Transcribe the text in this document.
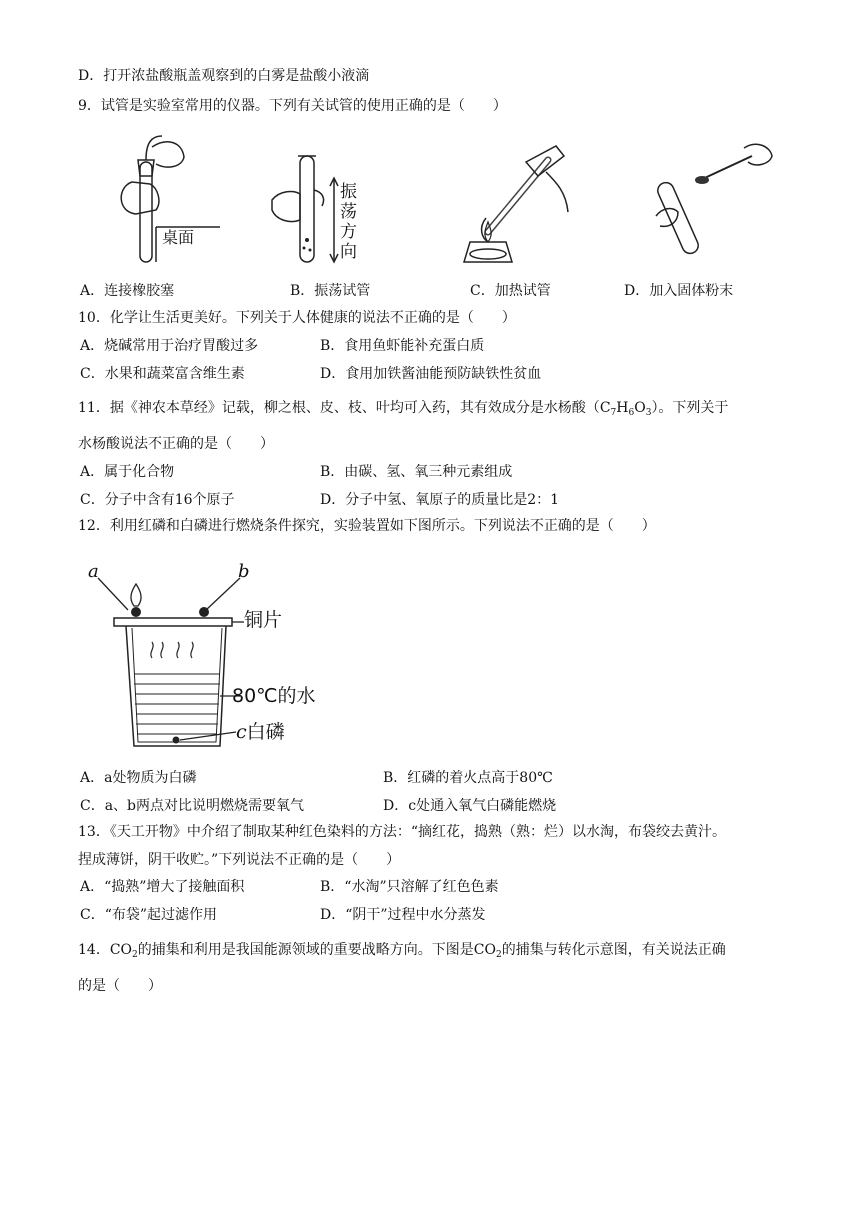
D．打开浓盐酸瓶盖观察到的白雾是盐酸小液滴
9．试管是实验室常用的仪器。下列有关试管的使用正确的是（　　）
桌面
振
荡
方
向
A．连接橡胶塞	B．振荡试管	C．加热试管	D．加入固体粉末
10．化学让生活更美好。下列关于人体健康的说法不正确的是（　　）
A．烧碱常用于治疗胃酸过多	B．食用鱼虾能补充蛋白质
C．水果和蔬菜富含维生素	D．食用加铁酱油能预防缺铁性贫血
11．据《神农本草经》记载，柳之根、皮、枝、叶均可入药，其有效成分是水杨酸$(C_7H_6O_3)$。下列关于
水杨酸说法不正确的是（　　）
A．属于化合物	B．由碳、氢、氧三种元素组成
C．分子中含有16个原子	D．分子中氢、氧原子的质量比是2：1
12．利用红磷和白磷进行燃烧条件探究，实验装置如下图所示。下列说法不正确的是（　　）
a	b
铜片
80℃的水
c白磷
A．a处物质为白磷	B．红磷的着火点高于80℃
C．a、b两点对比说明燃烧需要氧气	D．c处通入氧气白磷能燃烧
13．《天工开物》中介绍了制取某种红色染料的方法：“摘红花，捣熟（熟：烂）以水淘，布袋绞去黄汁。
捏成薄饼，阴干收贮。”下列说法不正确的是（　　）
A．“捣熟”增大了接触面积	B．“水淘”只溶解了红色色素
C．“布袋”起过滤作用	D．“阴干”过程中水分蒸发
14．$CO_2$的捕集和利用是我国能源领域的重要战略方向。下图是$CO_2$的捕集与转化示意图，有关说法正确
的是（　　）
